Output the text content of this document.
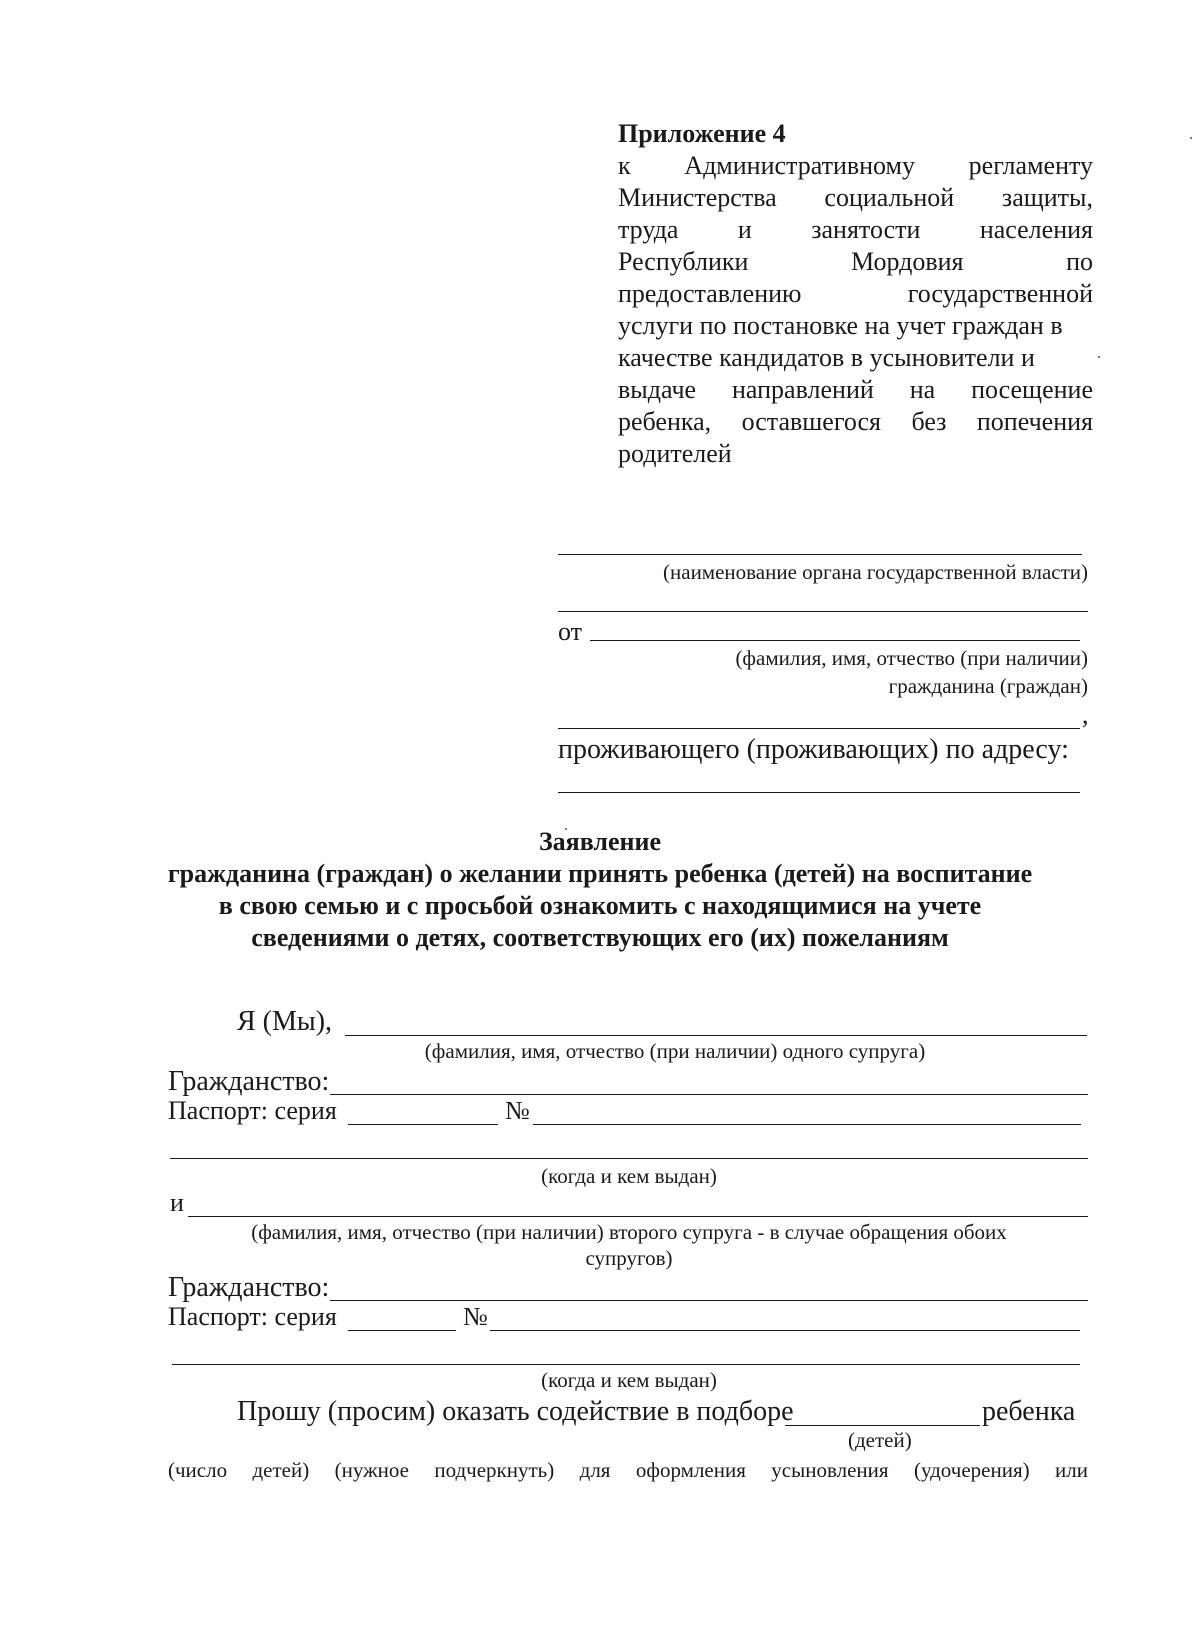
Приложение 4
к Административному регламенту
Министерства социальной защиты,
труда и занятости населения
Республики	Мордовия	по
предоставлению	государственной
услуги по постановке на учет граждан в
качестве кандидатов в усыновители и
выдаче направлений на посещение
ребенка, оставшегося без попечения
родителей
(наименование органа государственной власти)
от
(фамилия, имя, отчество (при наличии)
гражданина (граждан)
,
проживающего (проживающих) по адресу:
Заявление
гражданина (граждан) о желании принять ребенка (детей) на воспитание
в свою семью и с просьбой ознакомить с находящимися на учете
сведениями о детях, соответствующих его (их) пожеланиям
Я (Мы),
(фамилия, имя, отчество (при наличии) одного супруга)
Гражданство:
Паспорт: серия	№
(когда и кем выдан)
и
(фамилия, имя, отчество (при наличии) второго супруга - в случае обращения обоих
супругов)
Гражданство:
Паспорт: серия	№
(когда и кем выдан)
Прошу (просим) оказать содействие в подборе	ребенка
(детей)
(число детей) (нужное подчеркнуть) для оформления усыновления (удочерения) или
